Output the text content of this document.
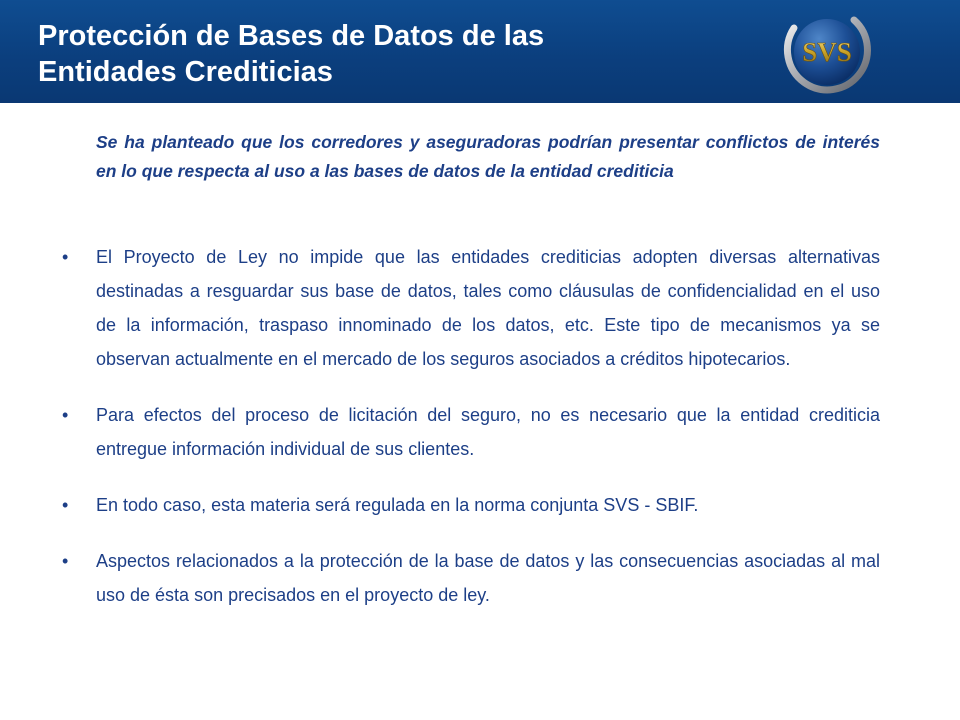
Protección de Bases de Datos de las
Entidades Crediticias
SVS

Se ha planteado que los corredores y aseguradoras podrían presentar conflictos de interés en lo que respecta al uso a las bases de datos de la entidad crediticia

• El Proyecto de Ley no impide que las entidades crediticias adopten diversas alternativas destinadas a resguardar sus base de datos, tales como cláusulas de confidencialidad en el uso de la información, traspaso innominado de los datos, etc. Este tipo de mecanismos ya se observan actualmente en el mercado de los seguros asociados a créditos hipotecarios.
• Para efectos del proceso de licitación del seguro, no es necesario que la entidad crediticia entregue información individual de sus clientes.
• En todo caso, esta materia será regulada en la norma conjunta SVS - SBIF.
• Aspectos relacionados a la protección de la base de datos y las consecuencias asociadas al mal uso de ésta son precisados en el proyecto de ley.
